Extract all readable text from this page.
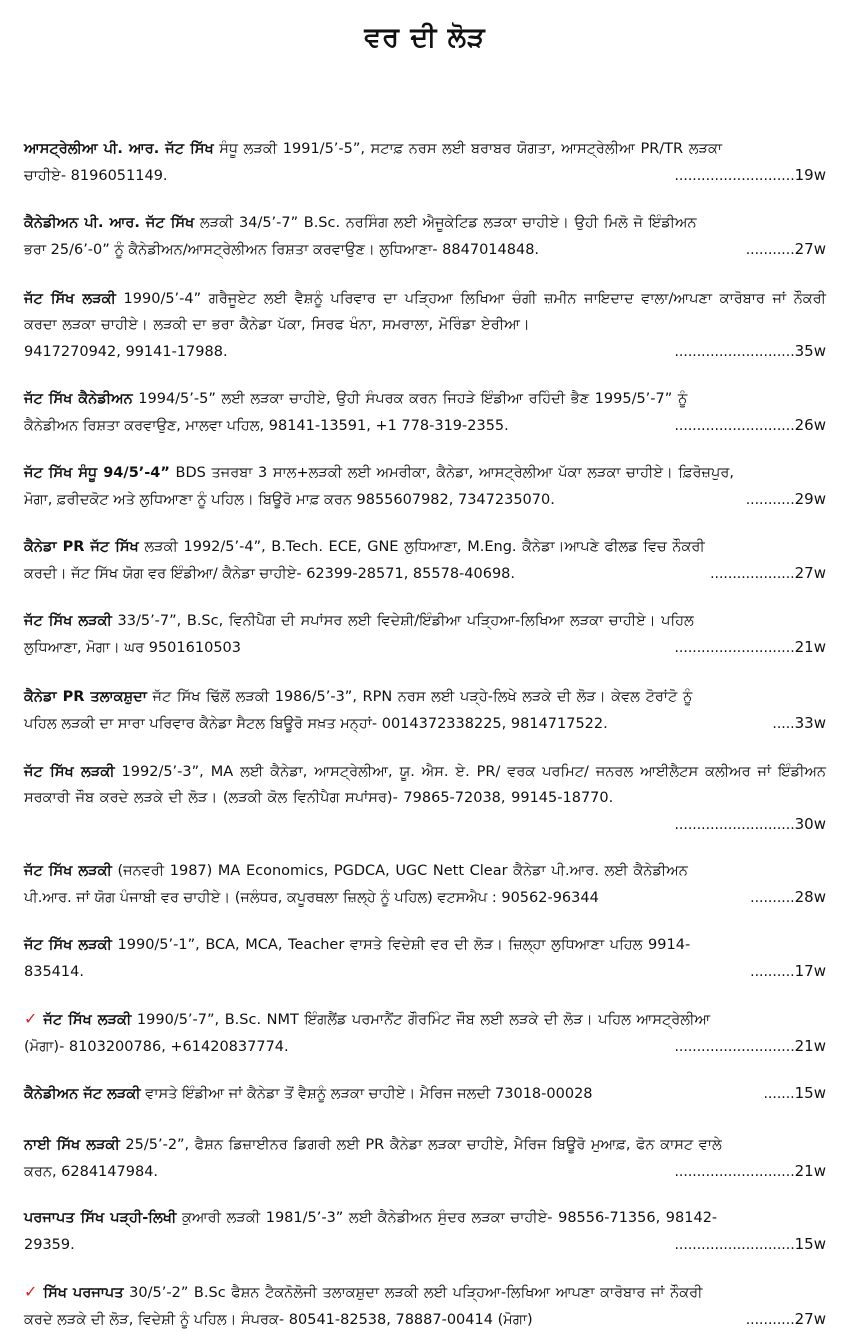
ਵਰ ਦੀ ਲੋੜ
ਆਸਟ੍ਰੇਲੀਆ ਪੀ. ਆਰ. ਜੱਟ ਸਿੱਖ ਸੰਧੂ ਲੜਕੀ 1991/5’-5”, ਸਟਾਫ਼ ਨਰਸ ਲਈ ਬਰਾਬਰ ਯੋਗਤਾ, ਆਸਟ੍ਰੇਲੀਆ PR/TR ਲੜਕਾ
ਚਾਹੀਏ- 8196051149.	........................... 19w
ਕੈਨੇਡੀਅਨ ਪੀ. ਆਰ. ਜੱਟ ਸਿੱਖ ਲੜਕੀ 34/5’-7” B.Sc. ਨਰਸਿੰਗ ਲਈ ਐਜੂਕੇਟਿਡ ਲੜਕਾ ਚਾਹੀਏ। ਉਹੀ ਮਿਲੋ ਜੋ ਇੰਡੀਅਨ
ਭਰਾ 25/6’-0” ਨੂੰ ਕੈਨੇਡੀਅਨ/ਆਸਟ੍ਰੇਲੀਅਨ ਰਿਸ਼ਤਾ ਕਰਵਾਉਣ। ਲੁਧਿਆਣਾ- 8847014848.	........... 27w
ਜੱਟ ਸਿੱਖ ਲੜਕੀ 1990/5’-4” ਗਰੈਜੂਏਟ ਲਈ ਵੈਸ਼ਨੂੰ ਪਰਿਵਾਰ ਦਾ ਪੜ੍ਹਿਆ ਲਿਖਿਆ ਚੰਗੀ ਜ਼ਮੀਨ ਜਾਇਦਾਦ ਵਾਲਾ/ਆਪਣਾ ਕਾਰੋਬਾਰ ਜਾਂ ਨੌਕਰੀ ਕਰਦਾ ਲੜਕਾ ਚਾਹੀਏ। ਲੜਕੀ ਦਾ ਭਰਾ ਕੈਨੇਡਾ ਪੱਕਾ, ਸਿਰਫ ਖੰਨਾ, ਸਮਰਾਲਾ, ਮੋਰਿੰਡਾ ਏਰੀਆ।
9417270942, 99141-17988.	........................... 35w
ਜੱਟ ਸਿੱਖ ਕੈਨੇਡੀਅਨ 1994/5’-5” ਲਈ ਲੜਕਾ ਚਾਹੀਏ, ਉਹੀ ਸੰਪਰਕ ਕਰਨ ਜਿਹੜੇ ਇੰਡੀਆ ਰਹਿੰਦੀ ਭੈਣ 1995/5’-7” ਨੂੰ
ਕੈਨੇਡੀਅਨ ਰਿਸ਼ਤਾ ਕਰਵਾਉਣ, ਮਾਲਵਾ ਪਹਿਲ, 98141-13591, +1 778-319-2355.	........................... 26w
ਜੱਟ ਸਿੱਖ ਸੰਧੂ 94/5’-4” BDS ਤਜਰਬਾ 3 ਸਾਲ+ਲੜਕੀ ਲਈ ਅਮਰੀਕਾ, ਕੈਨੇਡਾ, ਆਸਟ੍ਰੇਲੀਆ ਪੱਕਾ ਲੜਕਾ ਚਾਹੀਏ। ਫ਼ਿਰੋਜ਼ਪੁਰ,
ਮੋਗਾ, ਫ਼ਰੀਦਕੋਟ ਅਤੇ ਲੁਧਿਆਣਾ ਨੂੰ ਪਹਿਲ। ਬਿਊਰੋ ਮਾਫ਼ ਕਰਨ 9855607982, 7347235070.	........... 29w
ਕੈਨੇਡਾ PR ਜੱਟ ਸਿੱਖ ਲੜਕੀ 1992/5’-4”, B.Tech. ECE, GNE ਲੁਧਿਆਣਾ, M.Eng. ਕੈਨੇਡਾ।ਆਪਣੇ ਫੀਲਡ ਵਿਚ ਨੌਕਰੀ
ਕਰਦੀ। ਜੱਟ ਸਿੱਖ ਯੋਗ ਵਰ ਇੰਡੀਆ/ ਕੈਨੇਡਾ ਚਾਹੀਏ- 62399-28571, 85578-40698.	................... 27w
ਜੱਟ ਸਿੱਖ ਲੜਕੀ 33/5’-7”, B.Sc, ਵਿਨੀਪੈਗ ਦੀ ਸਪਾਂਸਰ ਲਈ ਵਿਦੇਸ਼ੀ/ਇੰਡੀਆ ਪੜ੍ਹਿਆ-ਲਿਖਿਆ ਲੜਕਾ ਚਾਹੀਏ। ਪਹਿਲ
ਲੁਧਿਆਣਾ, ਮੋਗਾ। ਘਰ 9501610503	........................... 21w
ਕੈਨੇਡਾ PR ਤਲਾਕਸ਼ੁਦਾ ਜੱਟ ਸਿੱਖ ਢਿੱਲੋਂ ਲੜਕੀ 1986/5’-3”, RPN ਨਰਸ ਲਈ ਪੜ੍ਹੇ-ਲਿਖੇ ਲੜਕੇ ਦੀ ਲੋੜ। ਕੇਵਲ ਟੋਰਾਂਟੋ ਨੂੰ
ਪਹਿਲ ਲੜਕੀ ਦਾ ਸਾਰਾ ਪਰਿਵਾਰ ਕੈਨੇਡਾ ਸੈਟਲ ਬਿਊਰੋ ਸਖ਼ਤ ਮਨ੍ਹਾਂ- 0014372338225, 9814717522.	..... 33w
ਜੱਟ ਸਿੱਖ ਲੜਕੀ 1992/5’-3”, MA ਲਈ ਕੈਨੇਡਾ, ਆਸਟ੍ਰੇਲੀਆ, ਯੂ. ਐਸ. ਏ. PR/ ਵਰਕ ਪਰਮਿਟ/ ਜਨਰਲ ਆਈਲੈਟਸ ਕਲੀਅਰ ਜਾਂ ਇੰਡੀਅਨ ਸਰਕਾਰੀ ਜੌਬ ਕਰਦੇ ਲੜਕੇ ਦੀ ਲੋੜ। (ਲੜਕੀ ਕੋਲ ਵਿਨੀਪੈਗ ਸਪਾਂਸਰ)- 79865-72038, 99145-18770.
........................... 30w
ਜੱਟ ਸਿੱਖ ਲੜਕੀ (ਜਨਵਰੀ 1987) MA Economics, PGDCA, UGC Nett Clear ਕੈਨੇਡਾ ਪੀ.ਆਰ. ਲਈ ਕੈਨੇਡੀਅਨ
ਪੀ.ਆਰ. ਜਾਂ ਯੋਗ ਪੰਜਾਬੀ ਵਰ ਚਾਹੀਏ। (ਜਲੰਧਰ, ਕਪੂਰਥਲਾ ਜ਼ਿਲ੍ਹੇ ਨੂੰ ਪਹਿਲ) ਵਟਸਐਪ : 90562-96344	.......... 28w
ਜੱਟ ਸਿੱਖ ਲੜਕੀ 1990/5’-1”, BCA, MCA, Teacher ਵਾਸਤੇ ਵਿਦੇਸ਼ੀ ਵਰ ਦੀ ਲੋੜ। ਜ਼ਿਲ੍ਹਾ ਲੁਧਿਆਣਾ ਪਹਿਲ 9914-
835414.	.......... 17w
✓ ਜੱਟ ਸਿੱਖ ਲੜਕੀ 1990/5’-7”, B.Sc. NMT ਇੰਗਲੈਂਡ ਪਰਮਾਨੈਂਟ ਗੌਰਮਿੰਟ ਜੌਬ ਲਈ ਲੜਕੇ ਦੀ ਲੋੜ। ਪਹਿਲ ਆਸਟ੍ਰੇਲੀਆ
(ਮੋਗਾ)- 8103200786, +61420837774.	........................... 21w
ਕੈਨੇਡੀਅਨ ਜੱਟ ਲੜਕੀ ਵਾਸਤੇ ਇੰਡੀਆ ਜਾਂ ਕੈਨੇਡਾ ਤੋਂ ਵੈਸ਼ਨੂੰ ਲੜਕਾ ਚਾਹੀਏ। ਮੈਰਿਜ ਜਲਦੀ 73018-00028	....... 15w
ਨਾਈ ਸਿੱਖ ਲੜਕੀ 25/5’-2”, ਫੈਸ਼ਨ ਡਿਜ਼ਾਈਨਰ ਡਿਗਰੀ ਲਈ PR ਕੈਨੇਡਾ ਲੜਕਾ ਚਾਹੀਏ, ਮੈਰਿਜ ਬਿਊਰੋ ਮੁਆਫ਼, ਫੋਨ ਕਾਸਟ ਵਾਲੇ
ਕਰਨ, 6284147984.	........................... 21w
ਪਰਜਾਪਤ ਸਿੱਖ ਪੜ੍ਹੀ-ਲਿਖੀ ਕੁਆਰੀ ਲੜਕੀ 1981/5’-3” ਲਈ ਕੈਨੇਡੀਅਨ ਸੁੰਦਰ ਲੜਕਾ ਚਾਹੀਏ- 98556-71356, 98142-
29359.	........................... 15w
✓ ਸਿੱਖ ਪਰਜਾਪਤ 30/5’-2” B.Sc ਫੈਸ਼ਨ ਟੈਕਨੋਲੋਜੀ ਤਲਾਕਸ਼ੁਦਾ ਲੜਕੀ ਲਈ ਪੜ੍ਹਿਆ-ਲਿਖਿਆ ਆਪਣਾ ਕਾਰੋਬਾਰ ਜਾਂ ਨੌਕਰੀ
ਕਰਦੇ ਲੜਕੇ ਦੀ ਲੋੜ, ਵਿਦੇਸ਼ੀ ਨੂੰ ਪਹਿਲ। ਸੰਪਰਕ- 80541-82538, 78887-00414 (ਮੋਗਾ)	........... 27w
